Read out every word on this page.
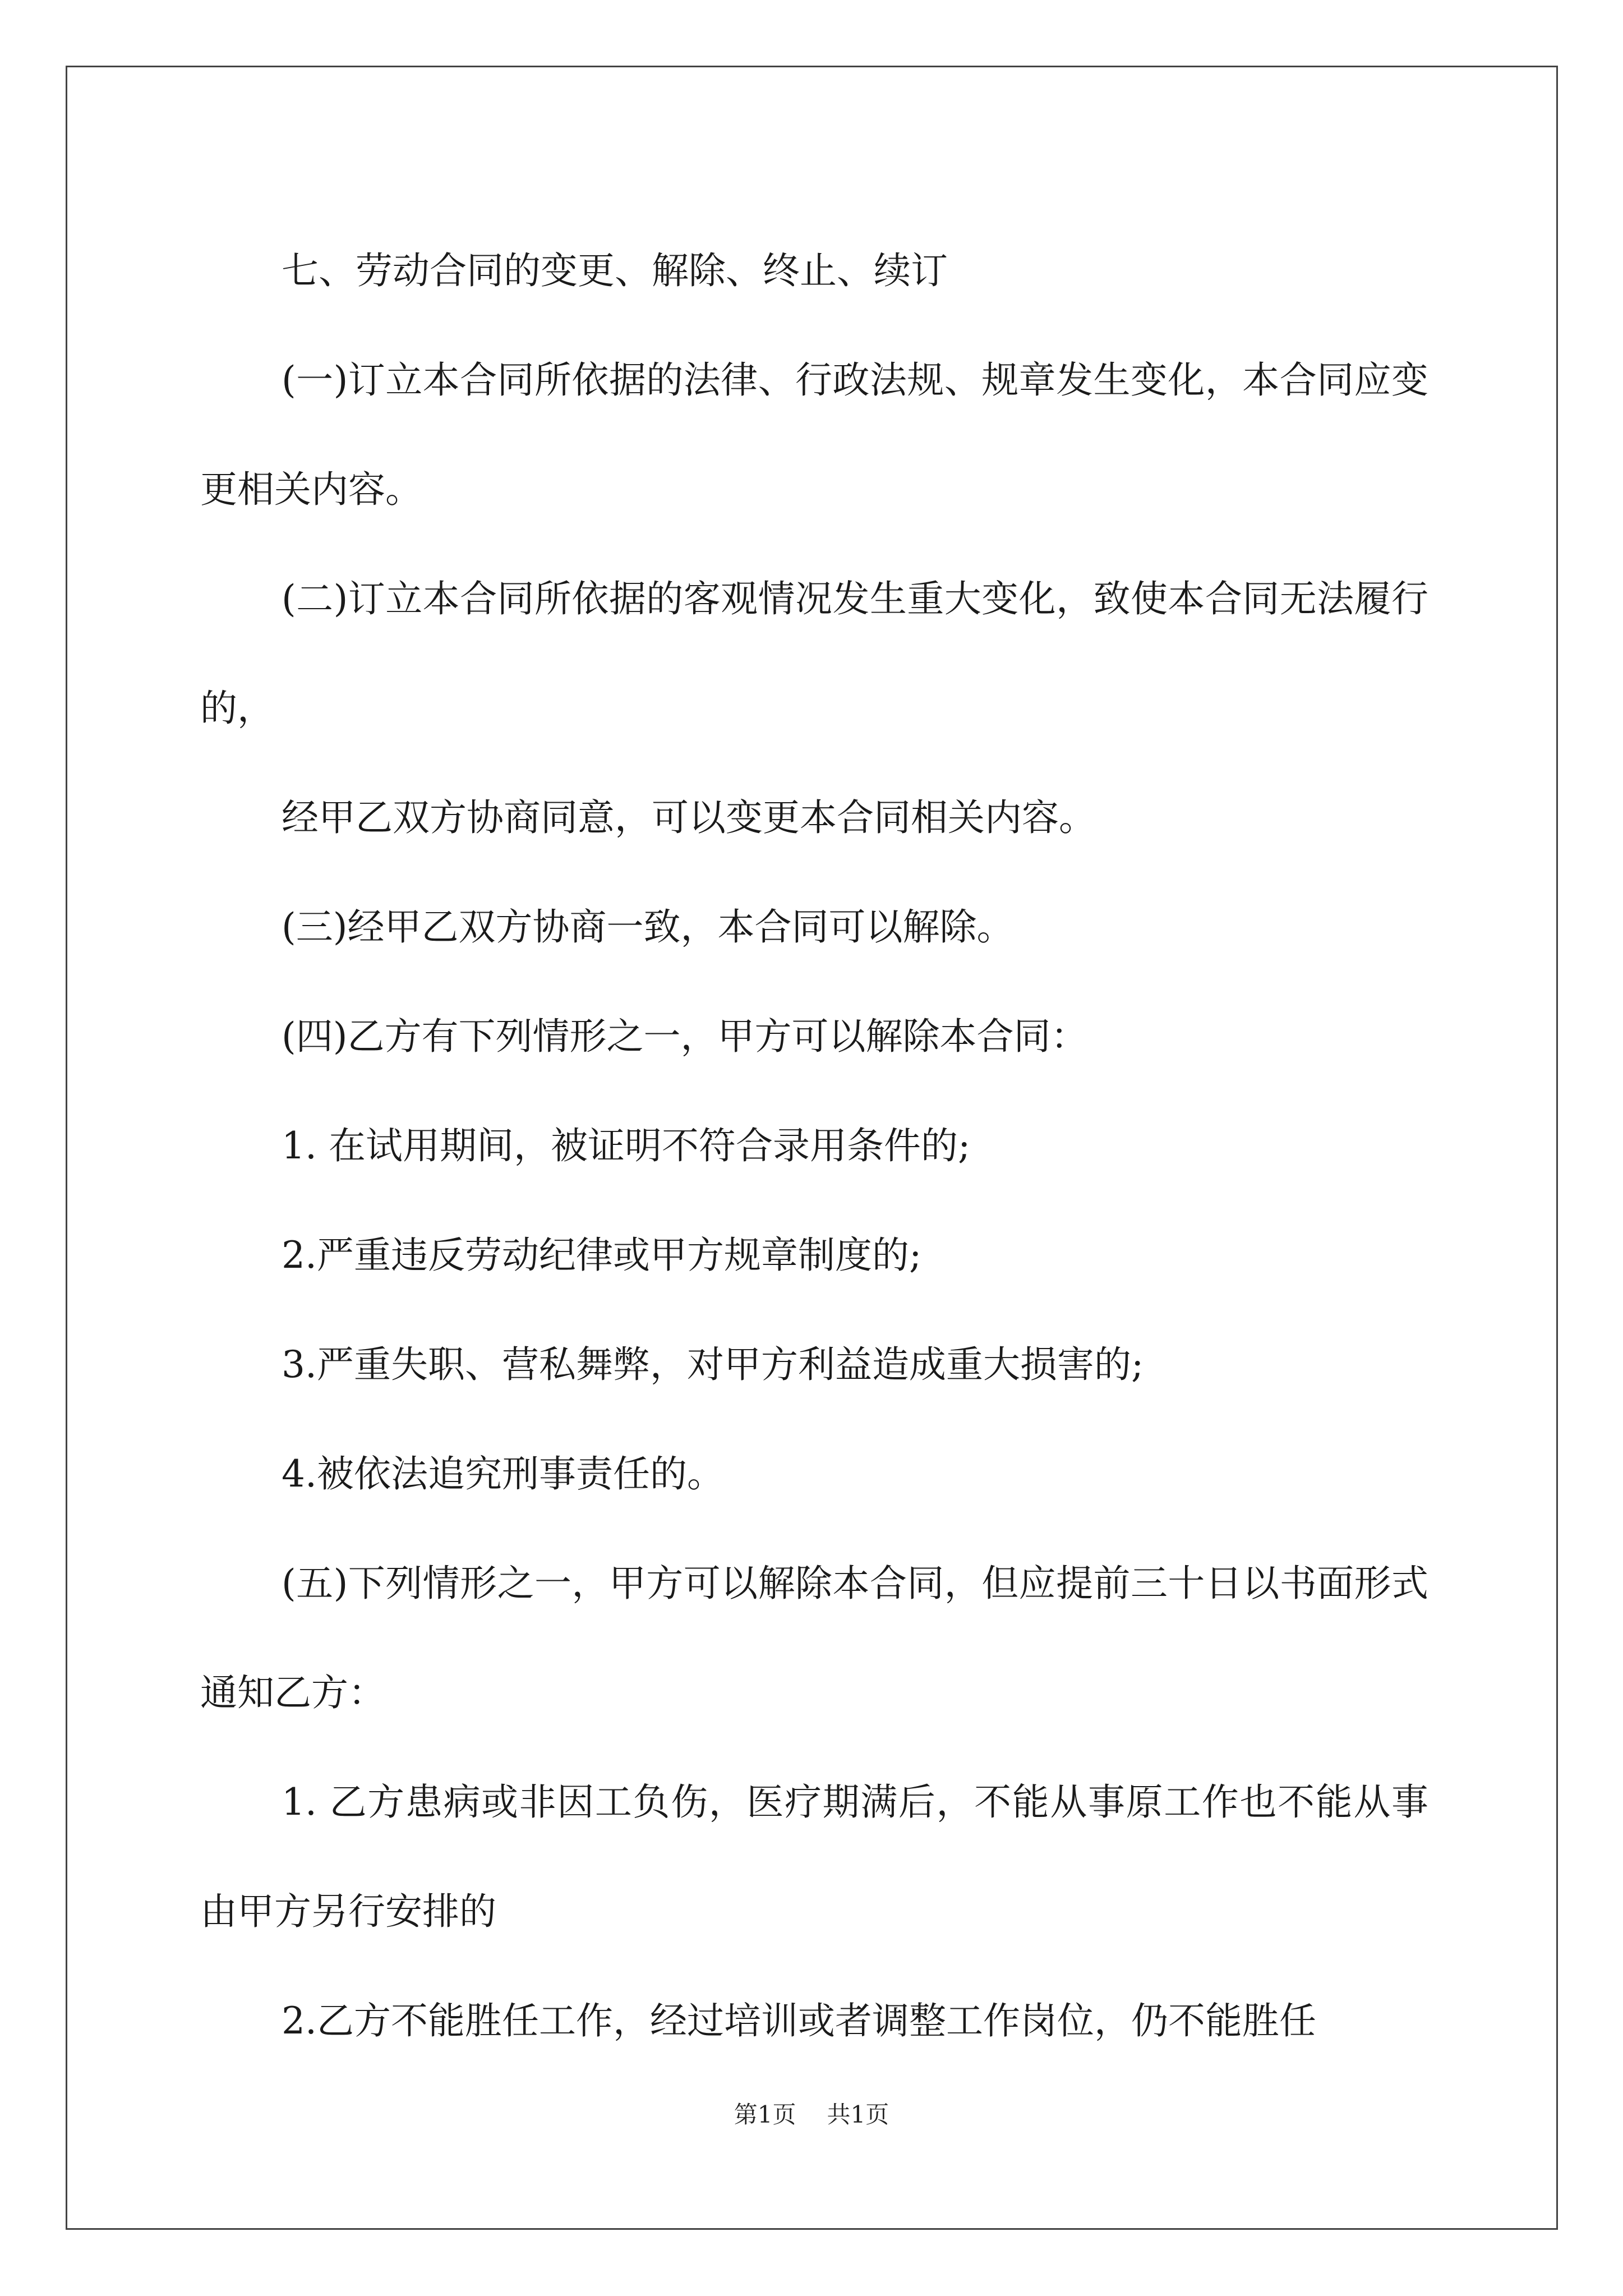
七、劳动合同的变更、解除、终止、续订

(一)订立本合同所依据的法律、行政法规、规章发生变化，本合同应变更相关内容。

(二)订立本合同所依据的客观情况发生重大变化，致使本合同无法履行的，

经甲乙双方协商同意，可以变更本合同相关内容。

(三)经甲乙双方协商一致，本合同可以解除。

(四)乙方有下列情形之一，甲方可以解除本合同：

1. 在试用期间，被证明不符合录用条件的;

2.严重违反劳动纪律或甲方规章制度的;

3.严重失职、营私舞弊，对甲方利益造成重大损害的;

4.被依法追究刑事责任的。

(五)下列情形之一，甲方可以解除本合同，但应提前三十日以书面形式通知乙方：

1. 乙方患病或非因工负伤，医疗期满后，不能从事原工作也不能从事由甲方另行安排的

2.乙方不能胜任工作，经过培训或者调整工作岗位，仍不能胜任

第1页 共1页
